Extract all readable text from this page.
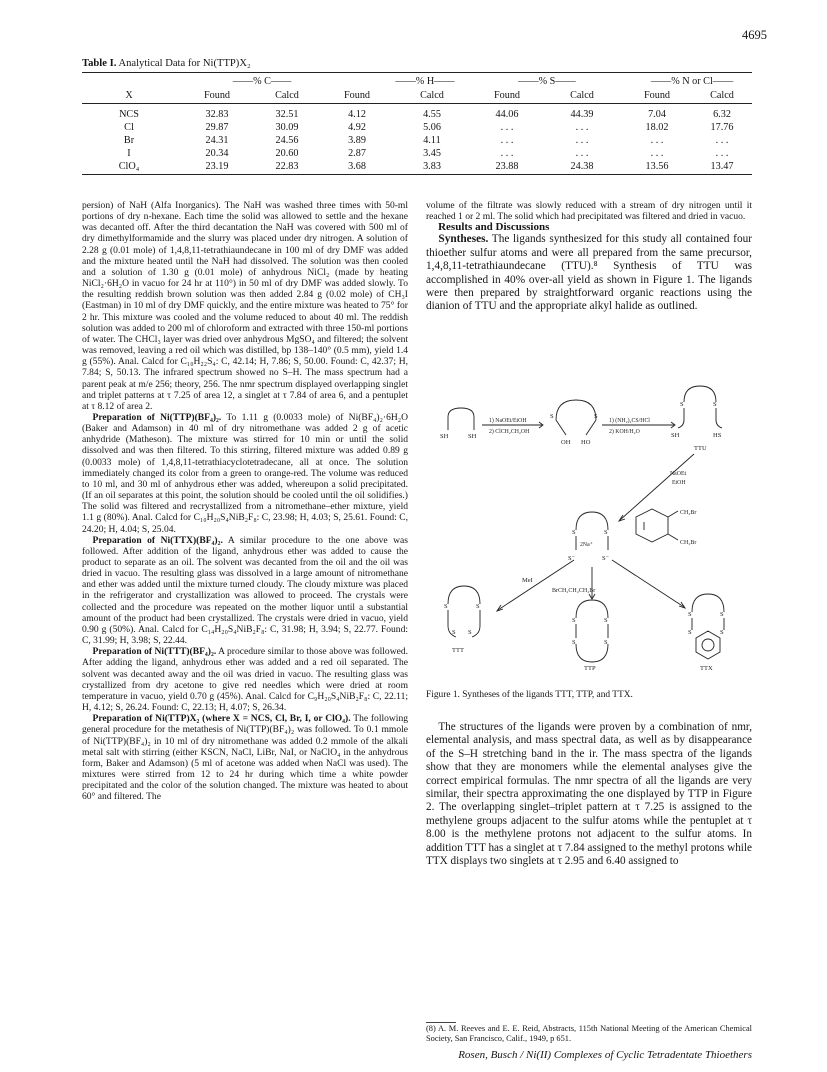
4695
Table I. Analytical Data for Ni(TTP)X₂
——% C——	——% H——	——% S——	——% N or Cl——
X	Found	Calcd	Found	Calcd	Found	Calcd	Found	Calcd
NCS	32.83	32.51	4.12	4.55	44.06	44.39	7.04	6.32
Cl	29.87	30.09	4.92	5.06	. . .	. . .	18.02	17.76
Br	24.31	24.56	3.89	4.11	. . .	. . .	. . .	. . .
I	20.34	20.60	2.87	3.45	. . .	. . .	. . .	. . .
ClO₄	23.19	22.83	3.68	3.83	23.88	24.38	13.56	13.47

persion) of NaH (Alfa Inorganics). The NaH was washed three times with 50-ml portions of dry n-hexane. Each time the solid was allowed to settle and the hexane was decanted off. After the third decantation the NaH was covered with 500 ml of dry dimethylformamide and the slurry was placed under dry nitrogen. A solution of 2.28 g (0.01 mole) of 1,4,8,11-tetrathiaundecane in 100 ml of dry DMF was added and the mixture heated until the NaH had dissolved. The solution was then cooled and a solution of 1.30 g (0.01 mole) of anhydrous NiCl₂ (made by heating NiCl₂·6H₂O in vacuo for 24 hr at 110°) in 50 ml of dry DMF was added slowly. To the resulting reddish brown solution was then added 2.84 g (0.02 mole) of CH₃I (Eastman) in 10 ml of dry DMF quickly, and the entire mixture was heated to 75° for 2 hr. This mixture was cooled and the volume reduced to about 40 ml. The reddish solution was added to 200 ml of chloroform and extracted with three 150-ml portions of water. The CHCl₃ layer was dried over anhydrous MgSO₄ and filtered; the solvent was removed, leaving a red oil which was distilled, bp 138–140° (0.5 mm), yield 1.4 g (55%). Anal. Calcd for C₁₀H₂₂S₄: C, 42.14; H, 7.86; S, 50.00. Found: C, 42.37; H, 7.84; S, 50.13. The infrared spectrum showed no S–H. The mass spectrum had a parent peak at m/e 256; theory, 256. The nmr spectrum displayed overlapping singlet and triplet patterns at τ 7.25 of area 12, a singlet at τ 7.84 of area 6, and a pentuplet at τ 8.12 of area 2.

Preparation of Ni(TTP)(BF₄)₂. To 1.11 g (0.0033 mole) of Ni(BF₄)₂·6H₂O (Baker and Adamson) in 40 ml of dry nitromethane was added 2 g of acetic anhydride (Matheson). The mixture was stirred for 10 min or until the solid dissolved and was then filtered. To this stirring, filtered mixture was added 0.89 g (0.0033 mole) of 1,4,8,11-tetrathiacyclotetradecane, all at once. The solution immediately changed its color from a green to orange-red. The volume was reduced to 10 ml, and 30 ml of anhydrous ether was added, whereupon a solid precipitated. (If an oil separates at this point, the solution should be cooled until the oil solidifies.) The solid was filtered and recrystallized from a nitromethane–ether mixture, yield 1.1 g (80%). Anal. Calcd for C₁₀H₂₀S₄NiB₂F₈: C, 23.98; H, 4.03; S, 25.61. Found: C, 24.20; H, 4.04; S, 25.04.

Preparation of Ni(TTX)(BF₄)₂. A similar procedure to the one above was followed. After addition of the ligand, anhydrous ether was added to cause the product to separate as an oil. The solvent was decanted from the oil and the oil was dried in vacuo. The resulting glass was dissolved in a large amount of nitromethane and ether was added until the mixture turned cloudy. The cloudy mixture was placed in the refrigerator and crystallization was allowed to proceed. The crystals were collected and the procedure was repeated on the mother liquor until a substantial amount of the product had been crystallized. The crystals were dried in vacuo, yield 0.90 g (50%). Anal. Calcd for C₁₄H₂₀S₄NiB₂F₈: C, 31.98; H, 3.94; S, 22.77. Found: C, 31.99; H, 3.98; S, 22.44.

Preparation of Ni(TTT)(BF₄)₂. A procedure similar to those above was followed. After adding the ligand, anhydrous ether was added and a red oil separated. The solvent was decanted away and the oil was dried in vacuo. The resulting glass was crystallized from dry acetone to give red needles which were dried at room temperature in vacuo, yield 0.70 g (45%). Anal. Calcd for C₉H₂₀S₄NiB₂F₈: C, 22.11; H, 4.12; S, 26.24. Found: C, 22.13; H, 4.07; S, 26.34.

Preparation of Ni(TTP)X₂ (where X = NCS, Cl, Br, I, or ClO₄). The following general procedure for the metathesis of Ni(TTP)(BF₄)₂ was followed. To 0.1 mmole of Ni(TTP)(BF₄)₂ in 10 ml of dry nitromethane was added 0.2 mmole of the alkali metal salt with stirring (either KSCN, NaCl, LiBr, NaI, or NaClO₄ in the anhydrous form, Baker and Adamson) (5 ml of acetone was added when NaCl was used). The mixtures were stirred from 12 to 24 hr during which time a white powder precipitated and the color of the solution changed. The mixture was heated to about 60° and filtered. The

volume of the filtrate was slowly reduced with a stream of dry nitrogen until it reached 1 or 2 ml. The solid which had precipitated was filtered and dried in vacuo.

Results and Discussions

Syntheses. The ligands synthesized for this study all contained four thioether sulfur atoms and were all prepared from the same precursor, 1,4,8,11-tetrathiaundecane (TTU).⁸ Synthesis of TTU was accomplished in 40% over-all yield as shown in Figure 1. The ligands were then prepared by straightforward organic reactions using the dianion of TTU and the appropriate alkyl halide as outlined.

SH	SH
1) NaOEt/EtOH
2) ClCH₂CH₂OH
S	S
OH HO
1) (NH₂)₂CS/HCl
2) KOH/H₂O
S	S
SH	HS
TTU
NaOEt
EtOH
S	S
2Na⁺
S⁻	S⁻
CH₂Br
CH₂Br
MeI
BrCH₂CH₂CH₂Br
S	S
S S
TTT
S	S
S	S
TTP
S	S
S	S
TTX
Figure 1. Syntheses of the ligands TTT, TTP, and TTX.

The structures of the ligands were proven by a combination of nmr, elemental analysis, and mass spectral data, as well as by disappearance of the S–H stretching band in the ir. The mass spectra of the ligands show that they are monomers while the elemental analyses give the correct empirical formulas. The nmr spectra of all the ligands are very similar, their spectra approximating the one displayed by TTP in Figure 2. The overlapping singlet–triplet pattern at τ 7.25 is assigned to the methylene groups adjacent to the sulfur atoms while the pentuplet at τ 8.00 is the methylene protons not adjacent to the sulfur atoms. In addition TTT has a singlet at τ 7.84 assigned to the methyl protons while TTX displays two singlets at τ 2.95 and 6.40 assigned to

(8) A. M. Reeves and E. E. Reid, Abstracts, 115th National Meeting of the American Chemical Society, San Francisco, Calif., 1949, p 651.
Rosen, Busch / Ni(II) Complexes of Cyclic Tetradentate Thioethers
